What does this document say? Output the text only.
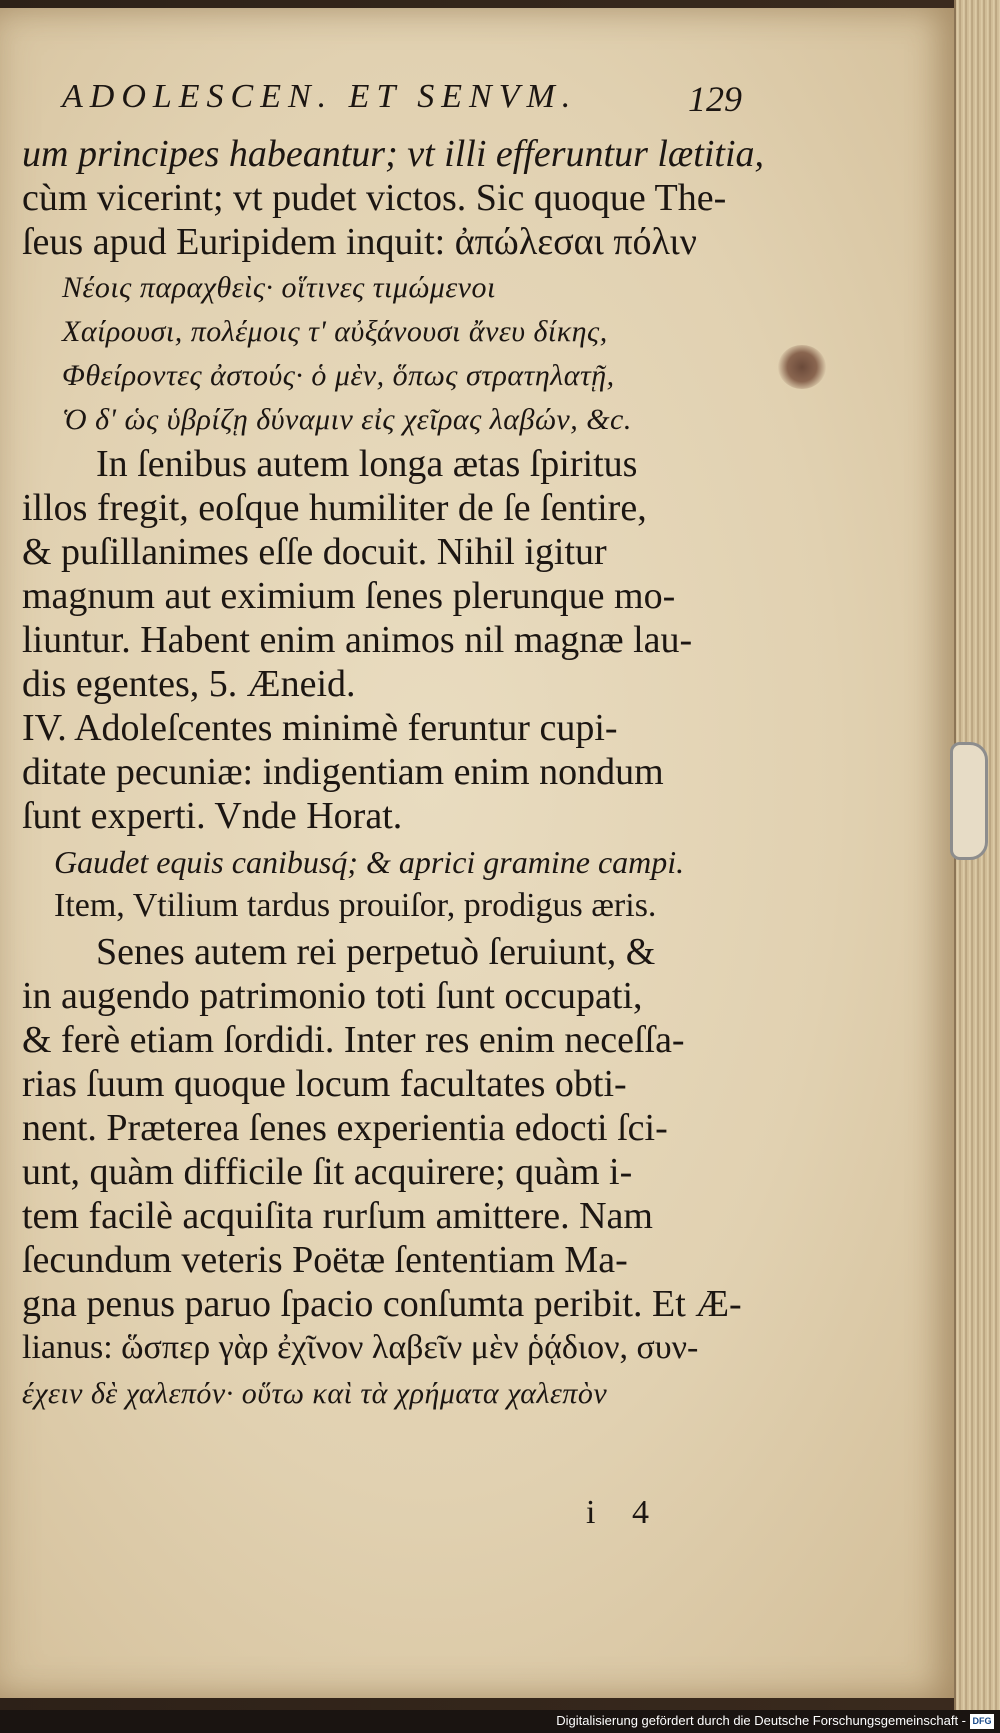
ADOLESCEN. ET SENVM.	129
um principes habeantur; vt illi efferuntur lætitia,
cùm vicerint; vt pudet victos. Sic quoque The-
ſeus apud Euripidem inquit: ἀπώλεσαι πόλιν
Νέοις παραχθεὶς· οἵτινες τιμώμενοι
Χαίρουσι, πολέμοις τ' αὐξάνουσι ἄνευ δίκης,
Φθείροντες ἀστούς· ὁ μὲν, ὅπως στρατηλατῇ,
Ὁ δ' ὡς ὑβρίζῃ δύναμιν εἰς χεῖρας λαβών, &c.
In ſenibus autem longa ætas ſpiritus
illos fregit, eoſque humiliter de ſe ſentire,
& puſillanimes eſſe docuit. Nihil igitur
magnum aut eximium ſenes plerunque mo-
liuntur. Habent enim animos nil magnæ lau-
dis egentes, 5. Æneid.
IV. Adoleſcentes minimè feruntur cupi-
ditate pecuniæ: indigentiam enim nondum
ſunt experti. Vnde Horat.
Gaudet equis canibusq́; & aprici gramine campi.
Item, Vtilium tardus prouiſor, prodigus æris.
Senes autem rei perpetuò ſeruiunt, &
in augendo patrimonio toti ſunt occupati,
& ferè etiam ſordidi. Inter res enim neceſſa-
rias ſuum quoque locum facultates obti-
nent. Præterea ſenes experientia edocti ſci-
unt, quàm difficile ſit acquirere; quàm i-
tem facilè acquiſita rurſum amittere. Nam
ſecundum veteris Poëtæ ſententiam Ma-
gna penus paruo ſpacio conſumta peribit. Et Æ-
lianus: ὥσπερ γὰρ ἐχῖνον λαβεῖν μὲν ῥᾴδιον, συν-
έχειν δὲ χαλεπόν· οὕτω καὶ τὰ χρήματα χαλεπὸν
i 4
Digitalisierung gefördert durch die Deutsche Forschungsgemeinschaft - DFG
